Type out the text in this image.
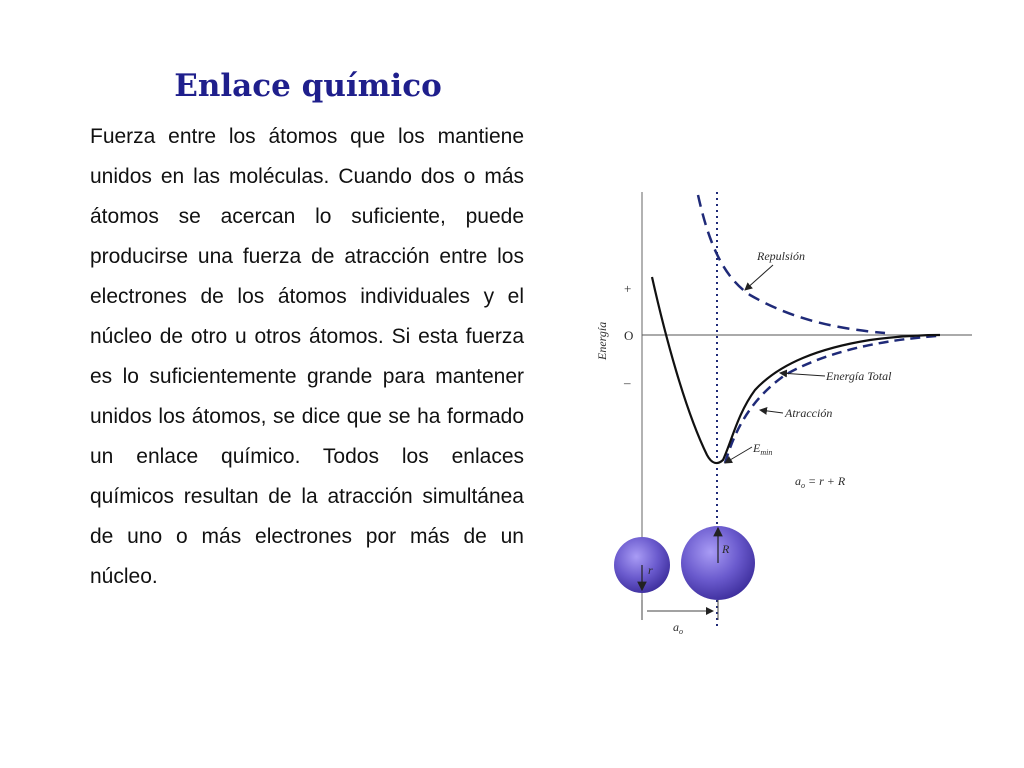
Enlace químico

Fuerza entre los átomos que los mantiene unidos en las moléculas. Cuando dos o más átomos se acercan lo suficiente, puede producirse una fuerza de atracción entre los electrones de los átomos individuales y el núcleo de otro u otros átomos. Si esta fuerza es lo suficientemente grande para mantener unidos los átomos, se dice que se ha formado un enlace químico. Todos los enlaces químicos resultan de la atracción simultánea de uno o más electrones por más de un núcleo.

Energía
+
O
–
Repulsión
Energía Total
Atracción
$E_{min}$
$a_o = r + R$
r
R
$a_o$
